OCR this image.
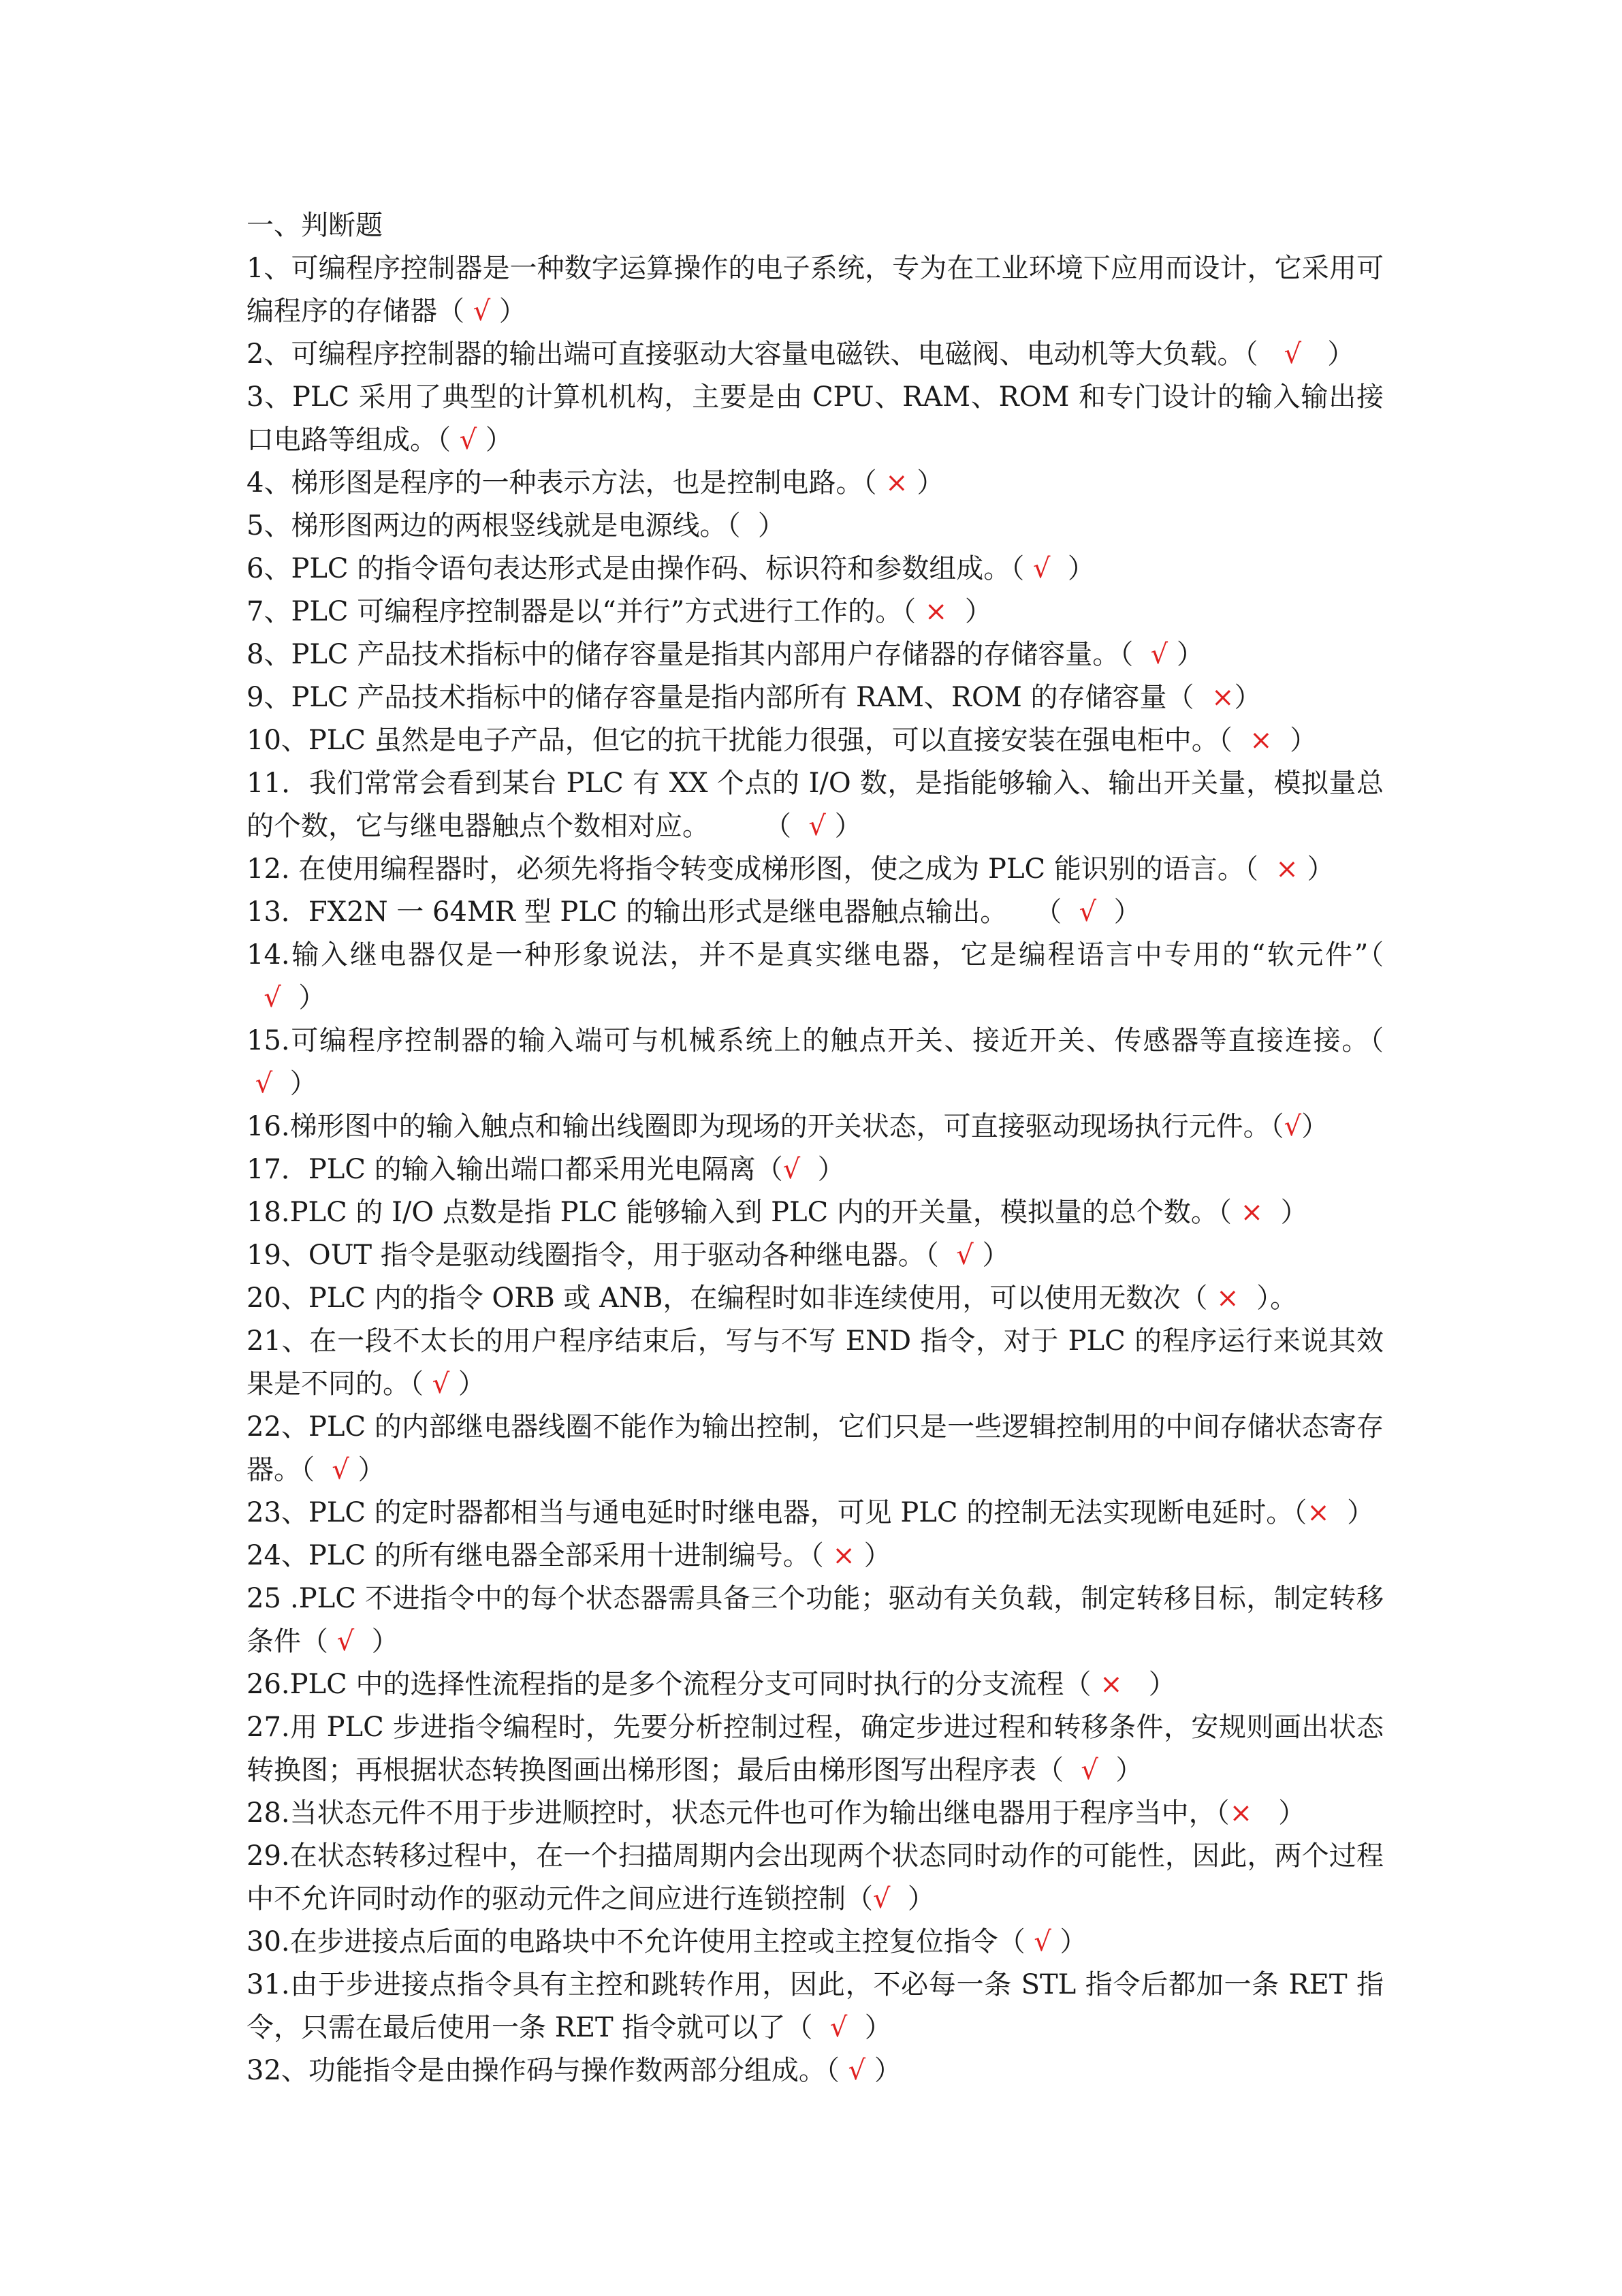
一、判断题

1、可编程序控制器是一种数字运算操作的电子系统，专为在工业环境下应用而设计，它采用可编程序的存储器（ √ ）

2、可编程序控制器的输出端可直接驱动大容量电磁铁、电磁阀、电动机等大负载。（   √   ）

3、PLC 采用了典型的计算机机构，主要是由 CPU、RAM、ROM 和专门设计的输入输出接口电路等组成。（ √ ）

4、梯形图是程序的一种表示方法，也是控制电路。（ × ）

5、梯形图两边的两根竖线就是电源线。（ ）

6、PLC 的指令语句表达形式是由操作码、标识符和参数组成。（ √  ）

7、PLC 可编程序控制器是以“并行”方式进行工作的。（ ×  ）

8、PLC 产品技术指标中的储存容量是指其内部用户存储器的存储容量。（  √ ）

9、PLC 产品技术指标中的储存容量是指内部所有 RAM、ROM 的存储容量（  ×）

10、PLC 虽然是电子产品，但它的抗干扰能力很强，可以直接安装在强电柜中。（  ×  ）

11．我们常常会看到某台 PLC 有 XX 个点的 I/O 数，是指能够输入、输出开关量，模拟量总的个数，它与继电器触点个数相对应。　　　（  √ ）

12. 在使用编程器时，必须先将指令转变成梯形图，使之成为 PLC 能识别的语言。（  × ）

13．FX2N 一 64MR 型 PLC 的输出形式是继电器触点输出。　　（  √  ）

14.输入继电器仅是一种形象说法，并不是真实继电器，它是编程语言中专用的“软元件”（  √  ）

15.可编程序控制器的输入端可与机械系统上的触点开关、接近开关、传感器等直接连接。（ √  ）

16.梯形图中的输入触点和输出线圈即为现场的开关状态，可直接驱动现场执行元件。（√）

17．PLC 的输入输出端口都采用光电隔离（√  ）

18.PLC 的 I/O 点数是指 PLC 能够输入到 PLC 内的开关量，模拟量的总个数。（ ×  ）

19、OUT 指令是驱动线圈指令，用于驱动各种继电器。（  √ ）

20、PLC 内的指令 ORB 或 ANB，在编程时如非连续使用，可以使用无数次（ ×  ）。

21、在一段不太长的用户程序结束后，写与不写 END 指令，对于 PLC 的程序运行来说其效果是不同的。（ √ ）

22、PLC 的内部继电器线圈不能作为输出控制，它们只是一些逻辑控制用的中间存储状态寄存器。（  √ ）

23、PLC 的定时器都相当与通电延时时继电器，可见 PLC 的控制无法实现断电延时。（×  ）

24、PLC 的所有继电器全部采用十进制编号。（ × ）

25 .PLC 不进指令中的每个状态器需具备三个功能；驱动有关负载，制定转移目标，制定转移条件（ √  ）

26.PLC 中的选择性流程指的是多个流程分支可同时执行的分支流程（ ×   ）

27.用 PLC 步进指令编程时，先要分析控制过程，确定步进过程和转移条件，安规则画出状态转换图；再根据状态转换图画出梯形图；最后由梯形图写出程序表（  √  ）

28.当状态元件不用于步进顺控时，状态元件也可作为输出继电器用于程序当中，（×   ）

29.在状态转移过程中，在一个扫描周期内会出现两个状态同时动作的可能性，因此，两个过程中不允许同时动作的驱动元件之间应进行连锁控制（√  ）

30.在步进接点后面的电路块中不允许使用主控或主控复位指令（ √ ）

31.由于步进接点指令具有主控和跳转作用，因此，不必每一条 STL 指令后都加一条 RET 指令，只需在最后使用一条 RET 指令就可以了（  √  ）

32、功能指令是由操作码与操作数两部分组成。（ √ ）
